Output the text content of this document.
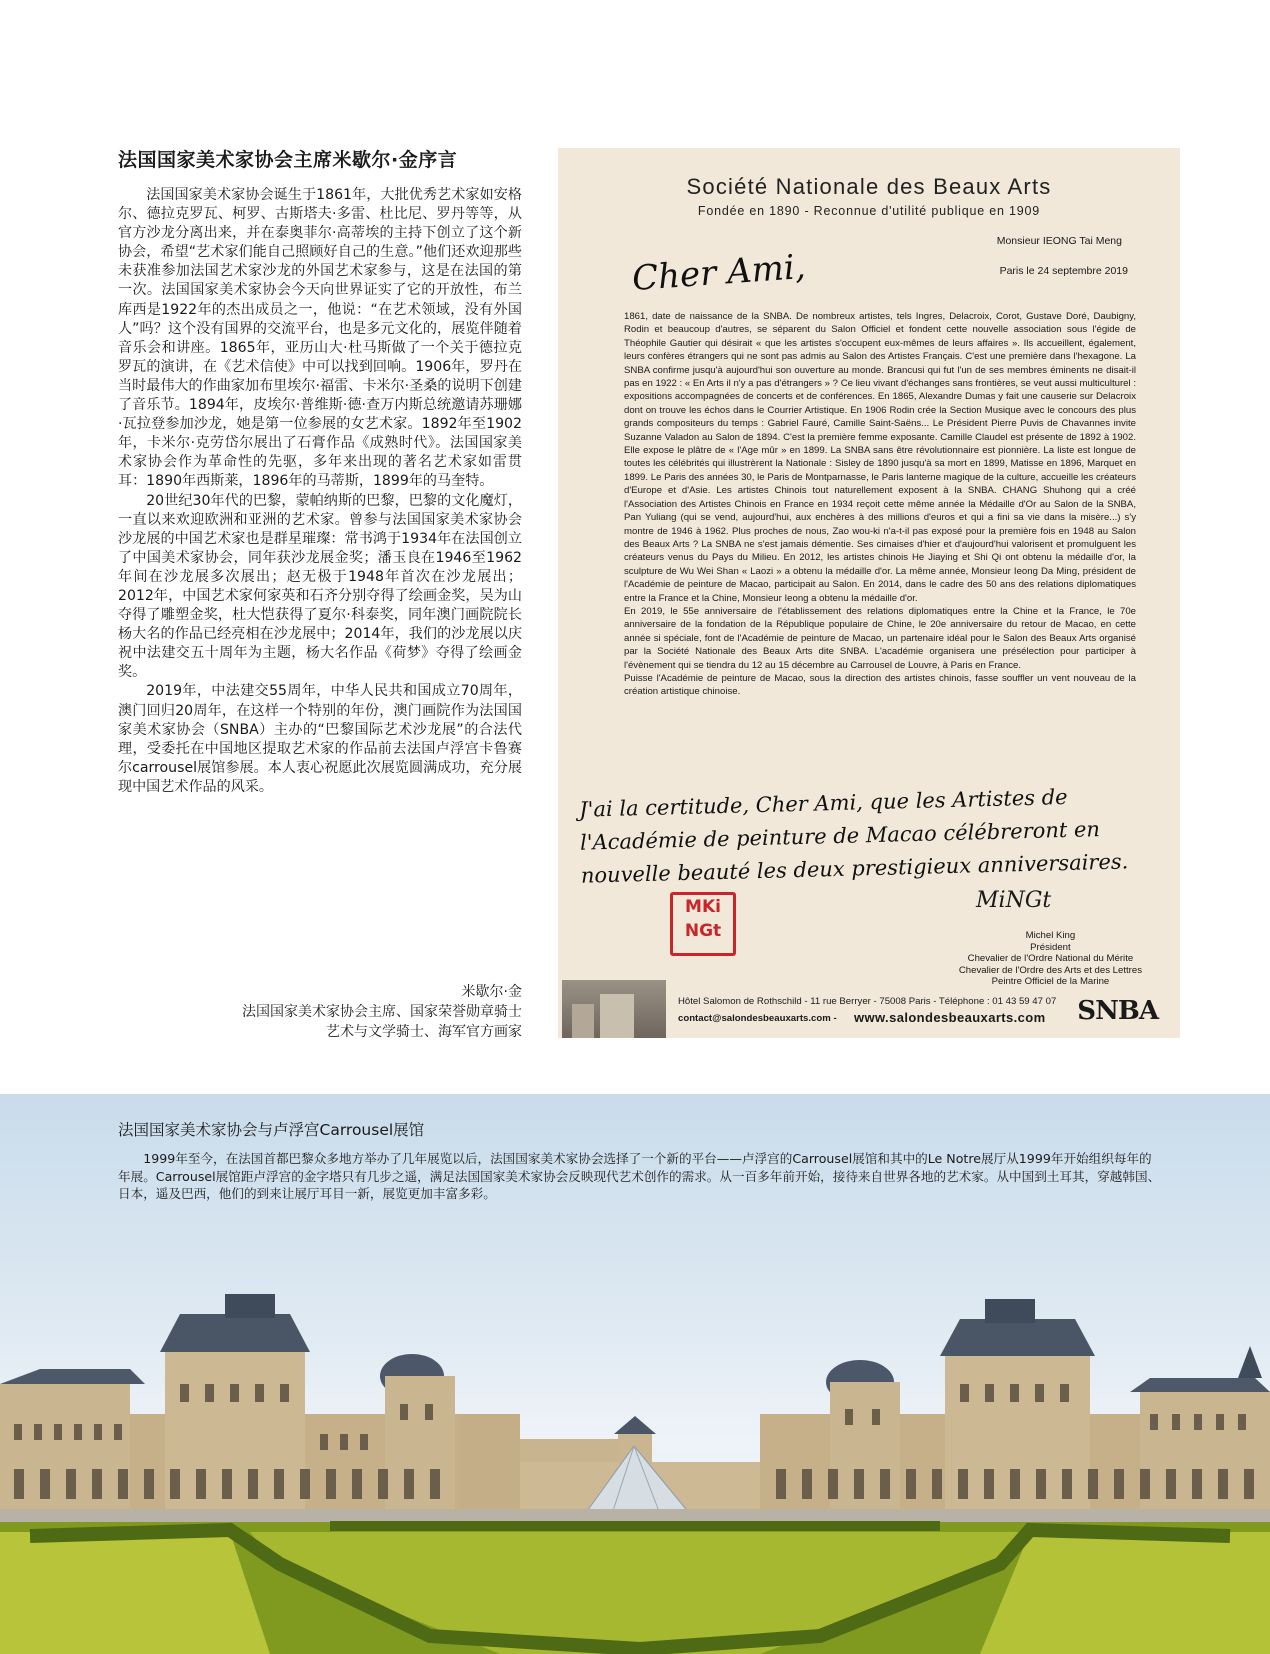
法国国家美术家协会主席米歇尔·金序言

法国国家美术家协会诞生于1861年，大批优秀艺术家如安格尔、德拉克罗瓦、柯罗、古斯塔夫·多雷、杜比尼、罗丹等等，从官方沙龙分离出来，并在泰奥菲尔·高蒂埃的主持下创立了这个新协会，希望“艺术家们能自己照顾好自己的生意。”他们还欢迎那些未获准参加法国艺术家沙龙的外国艺术家参与，这是在法国的第一次。法国国家美术家协会今天向世界证实了它的开放性，布兰库西是1922年的杰出成员之一，他说：“在艺术领域，没有外国人”吗？这个没有国界的交流平台，也是多元文化的，展览伴随着音乐会和讲座。1865年，亚历山大·杜马斯做了一个关于德拉克罗瓦的演讲，在《艺术信使》中可以找到回响。1906年，罗丹在当时最伟大的作曲家加布里埃尔·福雷、卡米尔·圣桑的说明下创建了音乐节。1894年，皮埃尔·普维斯·德·查万内斯总统邀请苏珊娜·瓦拉登参加沙龙，她是第一位参展的女艺术家。1892年至1902年，卡米尔·克劳岱尔展出了石膏作品《成熟时代》。法国国家美术家协会作为革命性的先驱，多年来出现的著名艺术家如雷贯耳：1890年西斯莱，1896年的马蒂斯，1899年的马奎特。

20世纪30年代的巴黎，蒙帕纳斯的巴黎，巴黎的文化魔灯，一直以来欢迎欧洲和亚洲的艺术家。曾参与法国国家美术家协会沙龙展的中国艺术家也是群星璀璨：常书鸿于1934年在法国创立了中国美术家协会，同年获沙龙展金奖；潘玉良在1946至1962年间在沙龙展多次展出；赵无极于1948年首次在沙龙展出；2012年，中国艺术家何家英和石齐分别夺得了绘画金奖，吴为山夺得了雕塑金奖，杜大恺获得了夏尔·科泰奖，同年澳门画院院长杨大名的作品已经亮相在沙龙展中；2014年，我们的沙龙展以庆祝中法建交五十周年为主题，杨大名作品《荷梦》夺得了绘画金奖。

2019年，中法建交55周年，中华人民共和国成立70周年，澳门回归20周年，在这样一个特别的年份，澳门画院作为法国国家美术家协会（SNBA）主办的“巴黎国际艺术沙龙展”的合法代理，受委托在中国地区提取艺术家的作品前去法国卢浮宫卡鲁赛尔carrousel展馆参展。本人衷心祝愿此次展览圆满成功，充分展现中国艺术作品的风采。

米歇尔·金
法国国家美术家协会主席、国家荣誉勋章骑士
艺术与文学骑士、海军官方画家
Société Nationale des Beaux Arts
Fondée en 1890 - Reconnue d'utilité publique en 1909
Monsieur IEONG Tai Meng
Paris le 24 septembre 2019
Cher Ami,

1861, date de naissance de la SNBA. De nombreux artistes, tels Ingres, Delacroix, Corot, Gustave Doré, Daubigny, Rodin et beaucoup d'autres, se séparent du Salon Officiel et fondent cette nouvelle association sous l'égide de Théophile Gautier qui désirait « que les artistes s'occupent eux-mêmes de leurs affaires ». Ils accueillent, également, leurs confères étrangers qui ne sont pas admis au Salon des Artistes Français. C'est une première dans l'hexagone. La SNBA confirme jusqu'à aujourd'hui son ouverture au monde. Brancusi qui fut l'un de ses membres éminents ne disait-il pas en 1922 : « En Arts il n'y a pas d'étrangers » ? Ce lieu vivant d'échanges sans frontières, se veut aussi multiculturel : expositions accompagnées de concerts et de conférences. En 1865, Alexandre Dumas y fait une causerie sur Delacroix dont on trouve les échos dans le Courrier Artistique. En 1906 Rodin crée la Section Musique avec le concours des plus grands compositeurs du temps : Gabriel Fauré, Camille Saint-Saëns... Le Président Pierre Puvis de Chavannes invite Suzanne Valadon au Salon de 1894. C'est la première femme exposante. Camille Claudel est présente de 1892 à 1902. Elle expose le plâtre de « l'Age mûr » en 1899. La SNBA sans être révolutionnaire est pionnière. La liste est longue de toutes les célébrités qui illustrèrent la Nationale : Sisley de 1890 jusqu'à sa mort en 1899, Matisse en 1896, Marquet en 1899. Le Paris des années 30, le Paris de Montparnasse, le Paris lanterne magique de la culture, accueille les créateurs d'Europe et d'Asie. Les artistes Chinois tout naturellement exposent à la SNBA. CHANG Shuhong qui a créé l'Association des Artistes Chinois en France en 1934 reçoit cette même année la Médaille d'Or au Salon de la SNBA, Pan Yuliang (qui se vend, aujourd'hui, aux enchères à des millions d'euros et qui a fini sa vie dans la misère...) s'y montre de 1946 à 1962. Plus proches de nous, Zao wou-ki n'a-t-il pas exposé pour la première fois en 1948 au Salon des Beaux Arts ? La SNBA ne s'est jamais démentie. Ses cimaises d'hier et d'aujourd'hui valorisent et promulguent les créateurs venus du Pays du Milieu. En 2012, les artistes chinois He Jiaying et Shi Qi ont obtenu la médaille d'or, la sculpture de Wu Wei Shan « Laozi » a obtenu la médaille d'or. La même année, Monsieur Ieong Da Ming, président de l'Académie de peinture de Macao, participait au Salon. En 2014, dans le cadre des 50 ans des relations diplomatiques entre la France et la Chine, Monsieur Ieong a obtenu la médaille d'or.

En 2019, le 55e anniversaire de l'établissement des relations diplomatiques entre la Chine et la France, le 70e anniversaire de la fondation de la République populaire de Chine, le 20e anniversaire du retour de Macao, en cette année si spéciale, font de l'Académie de peinture de Macao, un partenaire idéal pour le Salon des Beaux Arts organisé par la Société Nationale des Beaux Arts dite SNBA. L'académie organisera une présélection pour participer à l'évènement qui se tiendra du 12 au 15 décembre au Carrousel de Louvre, à Paris en France.

Puisse l'Académie de peinture de Macao, sous la direction des artistes chinois, fasse souffler un vent nouveau de la création artistique chinoise.

J'ai la certitude, Cher Ami, que les Artistes de l'Académie de peinture de Macao célébreront en nouvelle beauté les deux prestigieux anniversaires.
MKi NGt
MiNGt
Michel King
Président
Chevalier de l'Ordre National du Mérite
Chevalier de l'Ordre des Arts et des Lettres
Peintre Officiel de la Marine
Hôtel Salomon de Rothschild - 11 rue Berryer - 75008 Paris - Téléphone : 01 43 59 47 07
contact@salondesbeauxarts.com - www.salondesbeauxarts.com SNBA
法国国家美术家协会与卢浮宫Carrousel展馆

1999年至今，在法国首都巴黎众多地方举办了几年展览以后，法国国家美术家协会选择了一个新的平台——卢浮宫的Carrousel展馆和其中的Le Notre展厅从1999年开始组织每年的年展。Carrousel展馆距卢浮宫的金字塔只有几步之遥，满足法国国家美术家协会反映现代艺术创作的需求。从一百多年前开始，接待来自世界各地的艺术家。从中国到土耳其，穿越韩国、日本，遥及巴西，他们的到来让展厅耳目一新，展览更加丰富多彩。
